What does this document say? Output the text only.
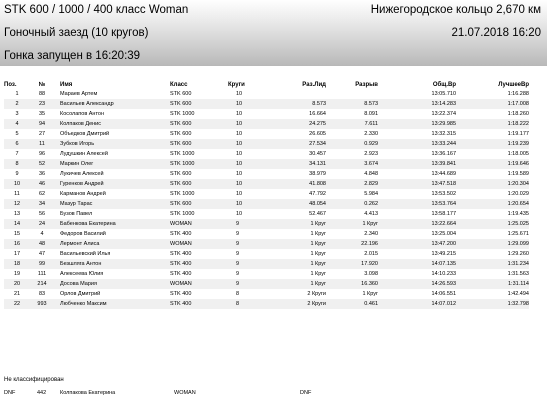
STK 600 / 1000 / 400 класс Woman	Нижегородское кольцо 2,670 км
Гоночный заезд (10 кругов)	21.07.2018 16:20
Гонка запущен в 16:20:39
Поз.	№	Имя	Класс	Круги	Раз.Лид	Разрыв	Общ.Вр	ЛучшееВр
1	88	Мараев Артем	STK 600	10			13:05.710	1:16.288
2	23	Васильев Александр	STK 600	10	8.573	8.573	13:14.283	1:17.008
3	35	Косолапов Антон	STK 1000	10	16.664	8.091	13:22.374	1:18.260
4	94	Колпаков Денис	STK 600	10	24.275	7.611	13:29.985	1:18.222
5	27	Объедков Дмитрий	STK 600	10	26.605	2.330	13:32.315	1:19.177
6	11	Зубков Игорь	STK 600	10	27.534	0.929	13:33.244	1:19.239
7	96	Лудушкин Алексей	STK 1000	10	30.457	2.923	13:36.167	1:18.005
8	52	Маркин Олег	STK 1000	10	34.131	3.674	13:39.841	1:19.646
9	36	Лукичев Алексей	STK 600	10	38.979	4.848	13:44.689	1:19.589
10	46	Гуренков Андрей	STK 600	10	41.808	2.829	13:47.518	1:20.304
11	62	Карманов Андрей	STK 1000	10	47.792	5.984	13:53.502	1:20.029
12	34	Мазур Тарас	STK 600	10	48.054	0.262	13:53.764	1:20.654
13	56	Бузов Павел	STK 1000	10	52.467	4.413	13:58.177	1:19.435
14	24	Бабенкова Екатерина	WOMAN	9	1 Круг	1 Круг	13:22.664	1:25.025
15	4	Федоров Василий	STK 400	9	1 Круг	2.340	13:25.004	1:25.671
16	48	Лермонт Алиса	WOMAN	9	1 Круг	22.196	13:47.200	1:29.099
17	47	Васильевский Илья	STK 400	9	1 Круг	2.015	13:49.215	1:29.260
18	99	Безшляга Антон	STK 400	9	1 Круг	17.920	14:07.135	1:31.234
19	111	Алексеева Юлия	STK 400	9	1 Круг	3.098	14:10.233	1:31.563
20	214	Досова Мария	WOMAN	9	1 Круг	16.360	14:26.593	1:31.114
21	83	Орлов Дмитрий	STK 400	8	2 Круги	1 Круг	14:06.551	1:42.494
22	993	Любченко Максим	STK 400	8	2 Круги	0.461	14:07.012	1:32.798
Не классифицирован
DNF	442	Колпакова Екатерина	WOMAN	DNF
